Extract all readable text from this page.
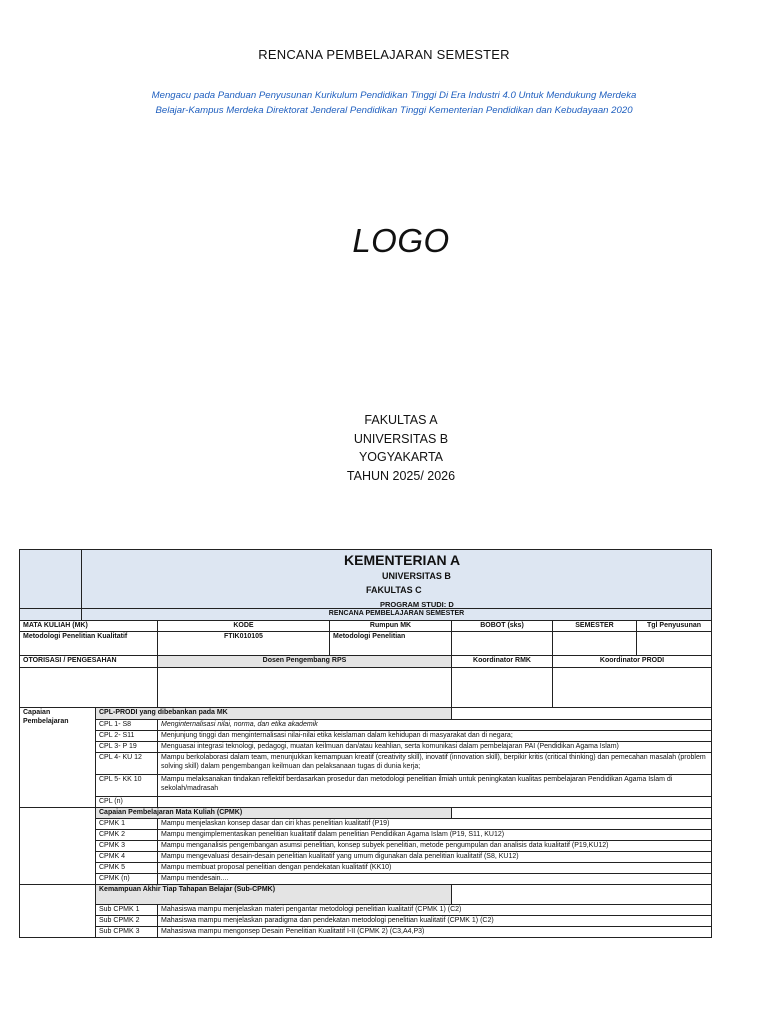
RENCANA PEMBELAJARAN SEMESTER
Mengacu pada Panduan Penyusunan Kurikulum Pendidikan Tinggi Di Era Industri 4.0 Untuk Mendukung Merdeka Belajar-Kampus Merdeka Direktorat Jenderal Pendidikan Tinggi Kementerian Pendidikan dan Kebudayaan 2020
LOGO
FAKULTAS A
UNIVERSITAS B
YOGYAKARTA
TAHUN 2025/ 2026

	KEMENTERIAN A
UNIVERSITAS B
FAKULTAS C
PROGRAM STUDI: D						

	RENCANA PEMBELAJARAN SEMESTER						
MATA KULIAH (MK)			KODE	Rumpun MK	BOBOT (sks)	SEMESTER	Tgl Penyusunan
Metodologi Penelitian Kualitatif			FTIK010105	Metodologi Penelitian			
OTORISASI / PENGESAHAN			Dosen Pengembang RPS		Koordinator RMK	Koordinator PRODI	

Capaian Pembelajaran		CPL-PRODI yang dibebankan pada MK					
		CPL 1- S8	Menginternalisasi nilai, norma, dan etika akademik				
		CPL 2- S11	Menjunjung tinggi dan menginternalisasi nilai-nilai etika keislaman dalam kehidupan di masyarakat dan di negara;				
		CPL 3- P 19	Menguasai integrasi teknologi, pedagogi, muatan keilmuan dan/atau keahlian, serta komunikasi dalam pembelajaran PAI (Pendidikan Agama Islam)				
		CPL 4- KU 12	Mampu berkolaborasi dalam team, menunjukkan kemampuan kreatif (creativity skill), inovatif (innovation skill), berpikir kritis (critical thinking) dan pemecahan masalah (problem solving skill) dalam pengembangan keilmuan dan pelaksanaan tugas di dunia kerja;				
		CPL 5- KK 10	Mampu melaksanakan tindakan reflektif berdasarkan prosedur dan metodologi penelitian ilmiah untuk peningkatan kualitas pembelajaran Pendidikan Agama Islam di sekolah/madrasah				
		CPL (n)					
		Capaian Pembelajaran Mata Kuliah (CPMK)					
		CPMK 1	Mampu menjelaskan konsep dasar dan ciri khas penelitian kualitatif (P19)				
		CPMK 2	Mampu mengimplementasikan penelitian kualitatif dalam penelitian Pendidikan Agama Islam (P19, S11, KU12)				
		CPMK 3	Mampu menganalisis pengembangan asumsi penelitian, konsep subyek penelitian, metode pengumpulan dan analisis data kualitatif (P19,KU12)				
		CPMK 4	Mampu mengevaluasi desain-desain penelitian kualitatif yang umum digunakan dala penelitian kualitatif (S8, KU12)				
		CPMK 5	Mampu membuat proposal penelitian dengan pendekatan kualitatif (KK10)				
		CPMK (n)	Mampu mendesain....				
		Kemampuan Akhir Tiap Tahapan Belajar (Sub-CPMK)					
		Sub CPMK 1	Mahasiswa mampu menjelaskan materi pengantar metodologi penelitian kualitatif (CPMK 1) (C2)				
		Sub CPMK 2	Mahasiswa mampu menjelaskan paradigma dan pendekatan metodologi penelitian kualitatif (CPMK 1) (C2)				
		Sub CPMK 3	Mahasiswa mampu mengonsep Desain Penelitian Kualitatif I-II (CPMK 2) (C3,A4,P3)				
